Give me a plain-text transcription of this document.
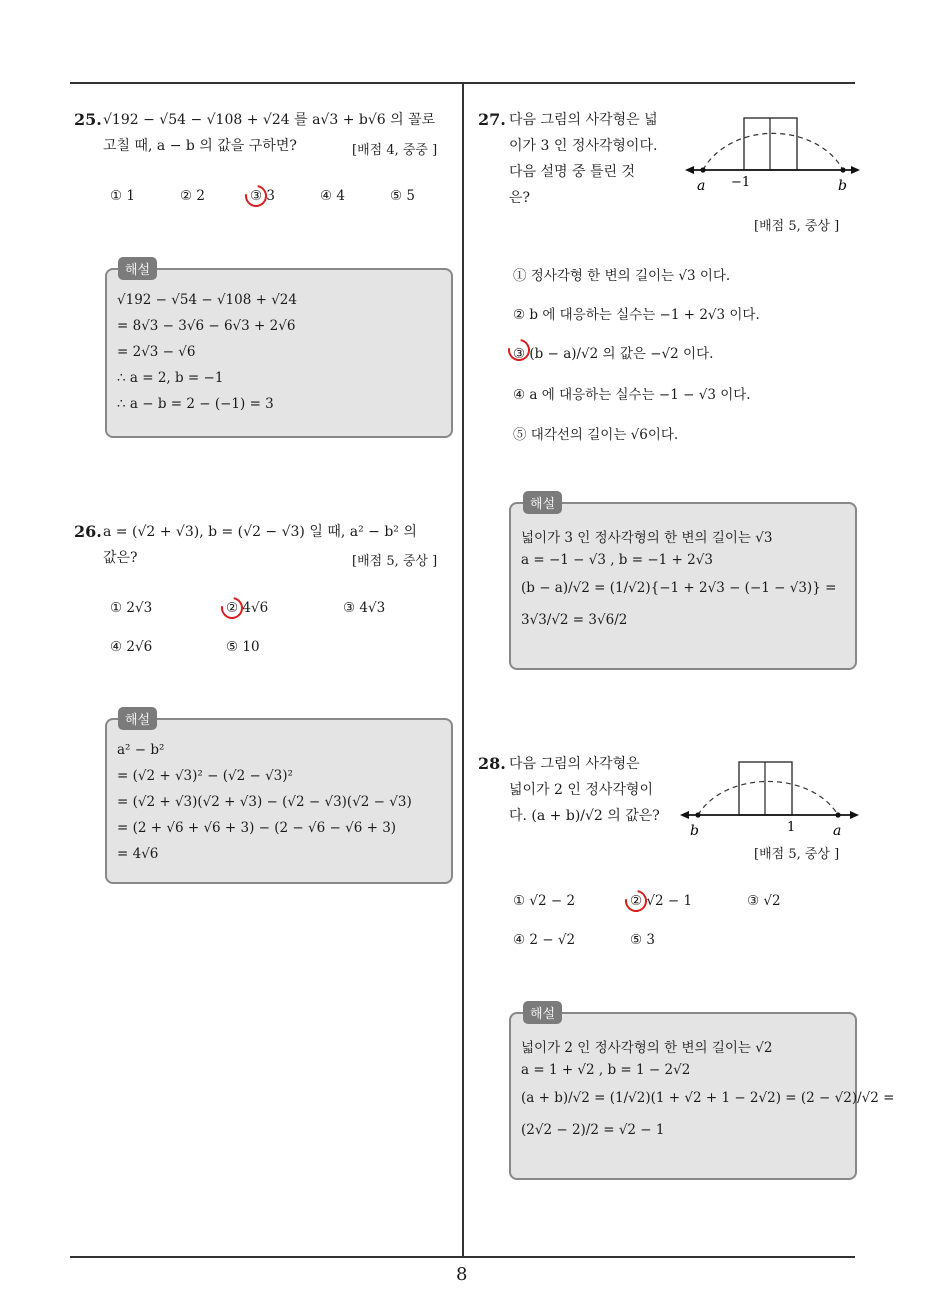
8
25. √192 − √54 − √108 + √24 를 a√3 + b√6 의 꼴로
고칠 때, a − b 의 값을 구하면?	[배점 4, 중중 ]
① 1	② 2	③ 3	④ 4	⑤ 5
√192 − √54 − √108 + √24
= 8√3 − 3√6 − 6√3 + 2√6
= 2√3 − √6
∴ a = 2, b = −1
∴ a − b = 2 − (−1) = 3
해설
26. a = (√2 + √3), b = (√2 − √3) 일 때, a² − b² 의
값은?	[배점 5, 중상 ]
① 2√3	② 4√6	③ 4√3
④ 2√6	⑤ 10
a² − b²
= (√2 + √3)² − (√2 − √3)²
= (√2 + √3)(√2 + √3) − (√2 − √3)(√2 − √3)
= (2 + √6 + √6 + 3) − (2 − √6 − √6 + 3)
= 4√6
해설
27. 다음 그림의 사각형은 넓
이가 3 인 정사각형이다.
다음 설명 중 틀린 것
은?
a −1	b
[배점 5, 중상 ]
① 정사각형 한 변의 길이는 √3 이다.
② b 에 대응하는 실수는 −1 + 2√3 이다.
③ (b − a)/√2 의 값은 −√2 이다.
④ a 에 대응하는 실수는 −1 − √3 이다.
⑤ 대각선의 길이는 √6이다.
넓이가 3 인 정사각형의 한 변의 길이는 √3
a = −1 − √3 , b = −1 + 2√3
(b − a)/√2 = (1/√2){−1 + 2√3 − (−1 − √3)} =
3√3/√2 = 3√6/2
해설
28. 다음 그림의 사각형은
넓이가 2 인 정사각형이
다. (a + b)/√2 의 값은?
b	1	a
[배점 5, 중상 ]
① √2 − 2	② √2 − 1	③ √2
④ 2 − √2	⑤ 3
넓이가 2 인 정사각형의 한 변의 길이는 √2
a = 1 + √2 , b = 1 − 2√2
(a + b)/√2 = (1/√2)(1 + √2 + 1 − 2√2) = (2 − √2)/√2 =
(2√2 − 2)/2 = √2 − 1
해설
